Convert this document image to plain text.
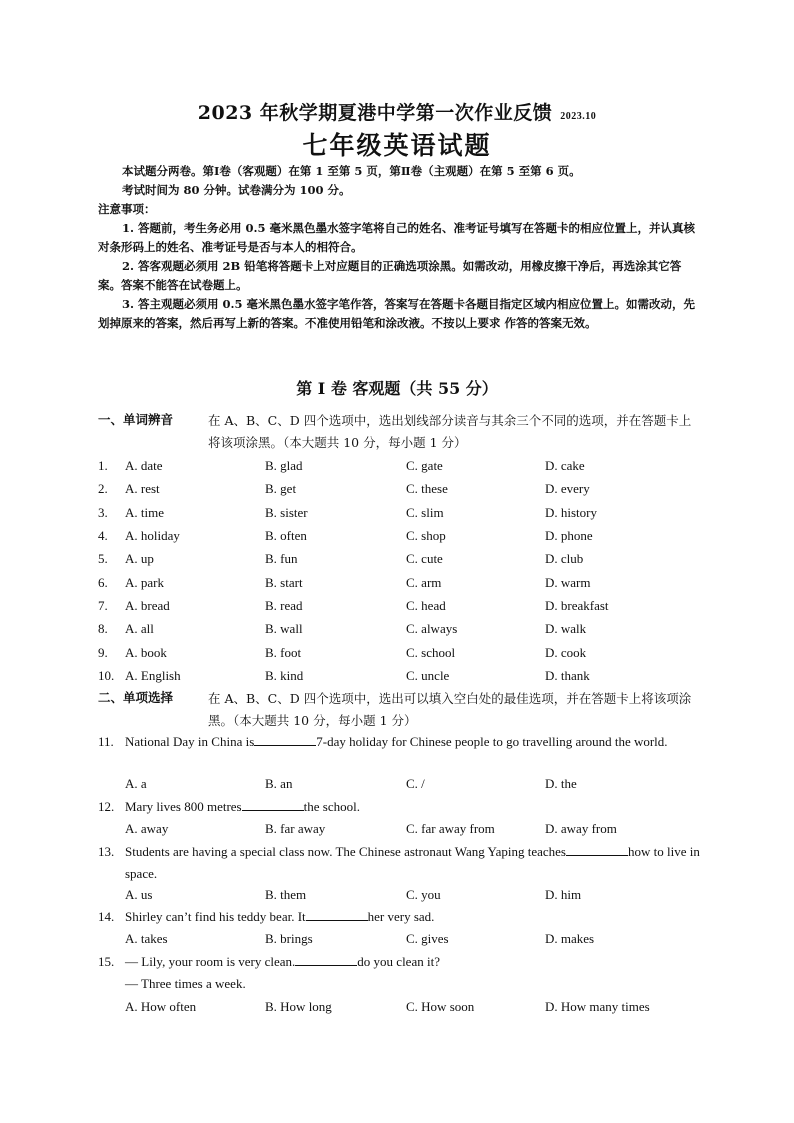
2023 年秋学期夏港中学第一次作业反馈 2023.10
七年级英语试题

本试题分两卷。第Ⅰ卷（客观题）在第 1 至第 5 页，第Ⅱ卷（主观题）在第 5 至第 6 页。

考试时间为 80 分钟。试卷满分为 100 分。

注意事项：

1. 答题前，考生务必用 0.5 毫米黑色墨水签字笔将自己的姓名、准考证号填写在答题卡的相应位置上，并认真核对条形码上的姓名、准考证号是否与本人的相符合。

2. 答客观题必须用 2B 铅笔将答题卡上对应题目的正确选项涂黑。如需改动，用橡皮擦干净后，再选涂其它答案。答案不能答在试卷题上。

3. 答主观题必须用 0.5 毫米黑色墨水签字笔作答，答案写在答题卡各题目指定区域内相应位置上。如需改动，先划掉原来的答案，然后再写上新的答案。不准使用铅笔和涂改液。不按以上要求 作答的答案无效。

第 I 卷 客观题（共 55 分）
一、单词辨音	在 A、B、C、D 四个选项中，选出划线部分读音与其余三个不同的选项，并在答题卡上将该项涂黑。（本大题共 10 分，每小题 1 分）
1. A. date	B. glad	C. gate	D. cake
2. A. rest	B. get	C. these	D. every
3. A. time	B. sister	C. slim	D. history
4. A. holiday	B. often	C. shop	D. phone
5. A. up	B. fun	C. cute	D. club
6. A. park	B. start	C. arm	D. warm
7. A. bread	B. read	C. head	D. breakfast
8. A. all	B. wall	C. always	D. walk
9. A. book	B. foot	C. school	D. cook
10. A. English	B. kind	C. uncle	D. thank
二、单项选择	在 A、B、C、D 四个选项中，选出可以填入空白处的最佳选项，并在答题卡上将该项涂黑。（本大题共 10 分，每小题 1 分）
11. National Day in China is	7-day holiday for Chinese people to go travelling around the world.
A. a	B. an	C. /	D. the
12. Mary lives 800 metres	the school.
A. away	B. far away	C. far away from	D. away from
13. Students are having a special class now. The Chinese astronaut Wang Yaping teaches	how to live in space.
A. us	B. them	C. you	D. him
14. Shirley can’t find his teddy bear. It	her very sad.
A. takes	B. brings	C. gives	D. makes
15. — Lily, your room is very clean.	do you clean it?
— Three times a week.
A. How often	B. How long	C. How soon	D. How many times
